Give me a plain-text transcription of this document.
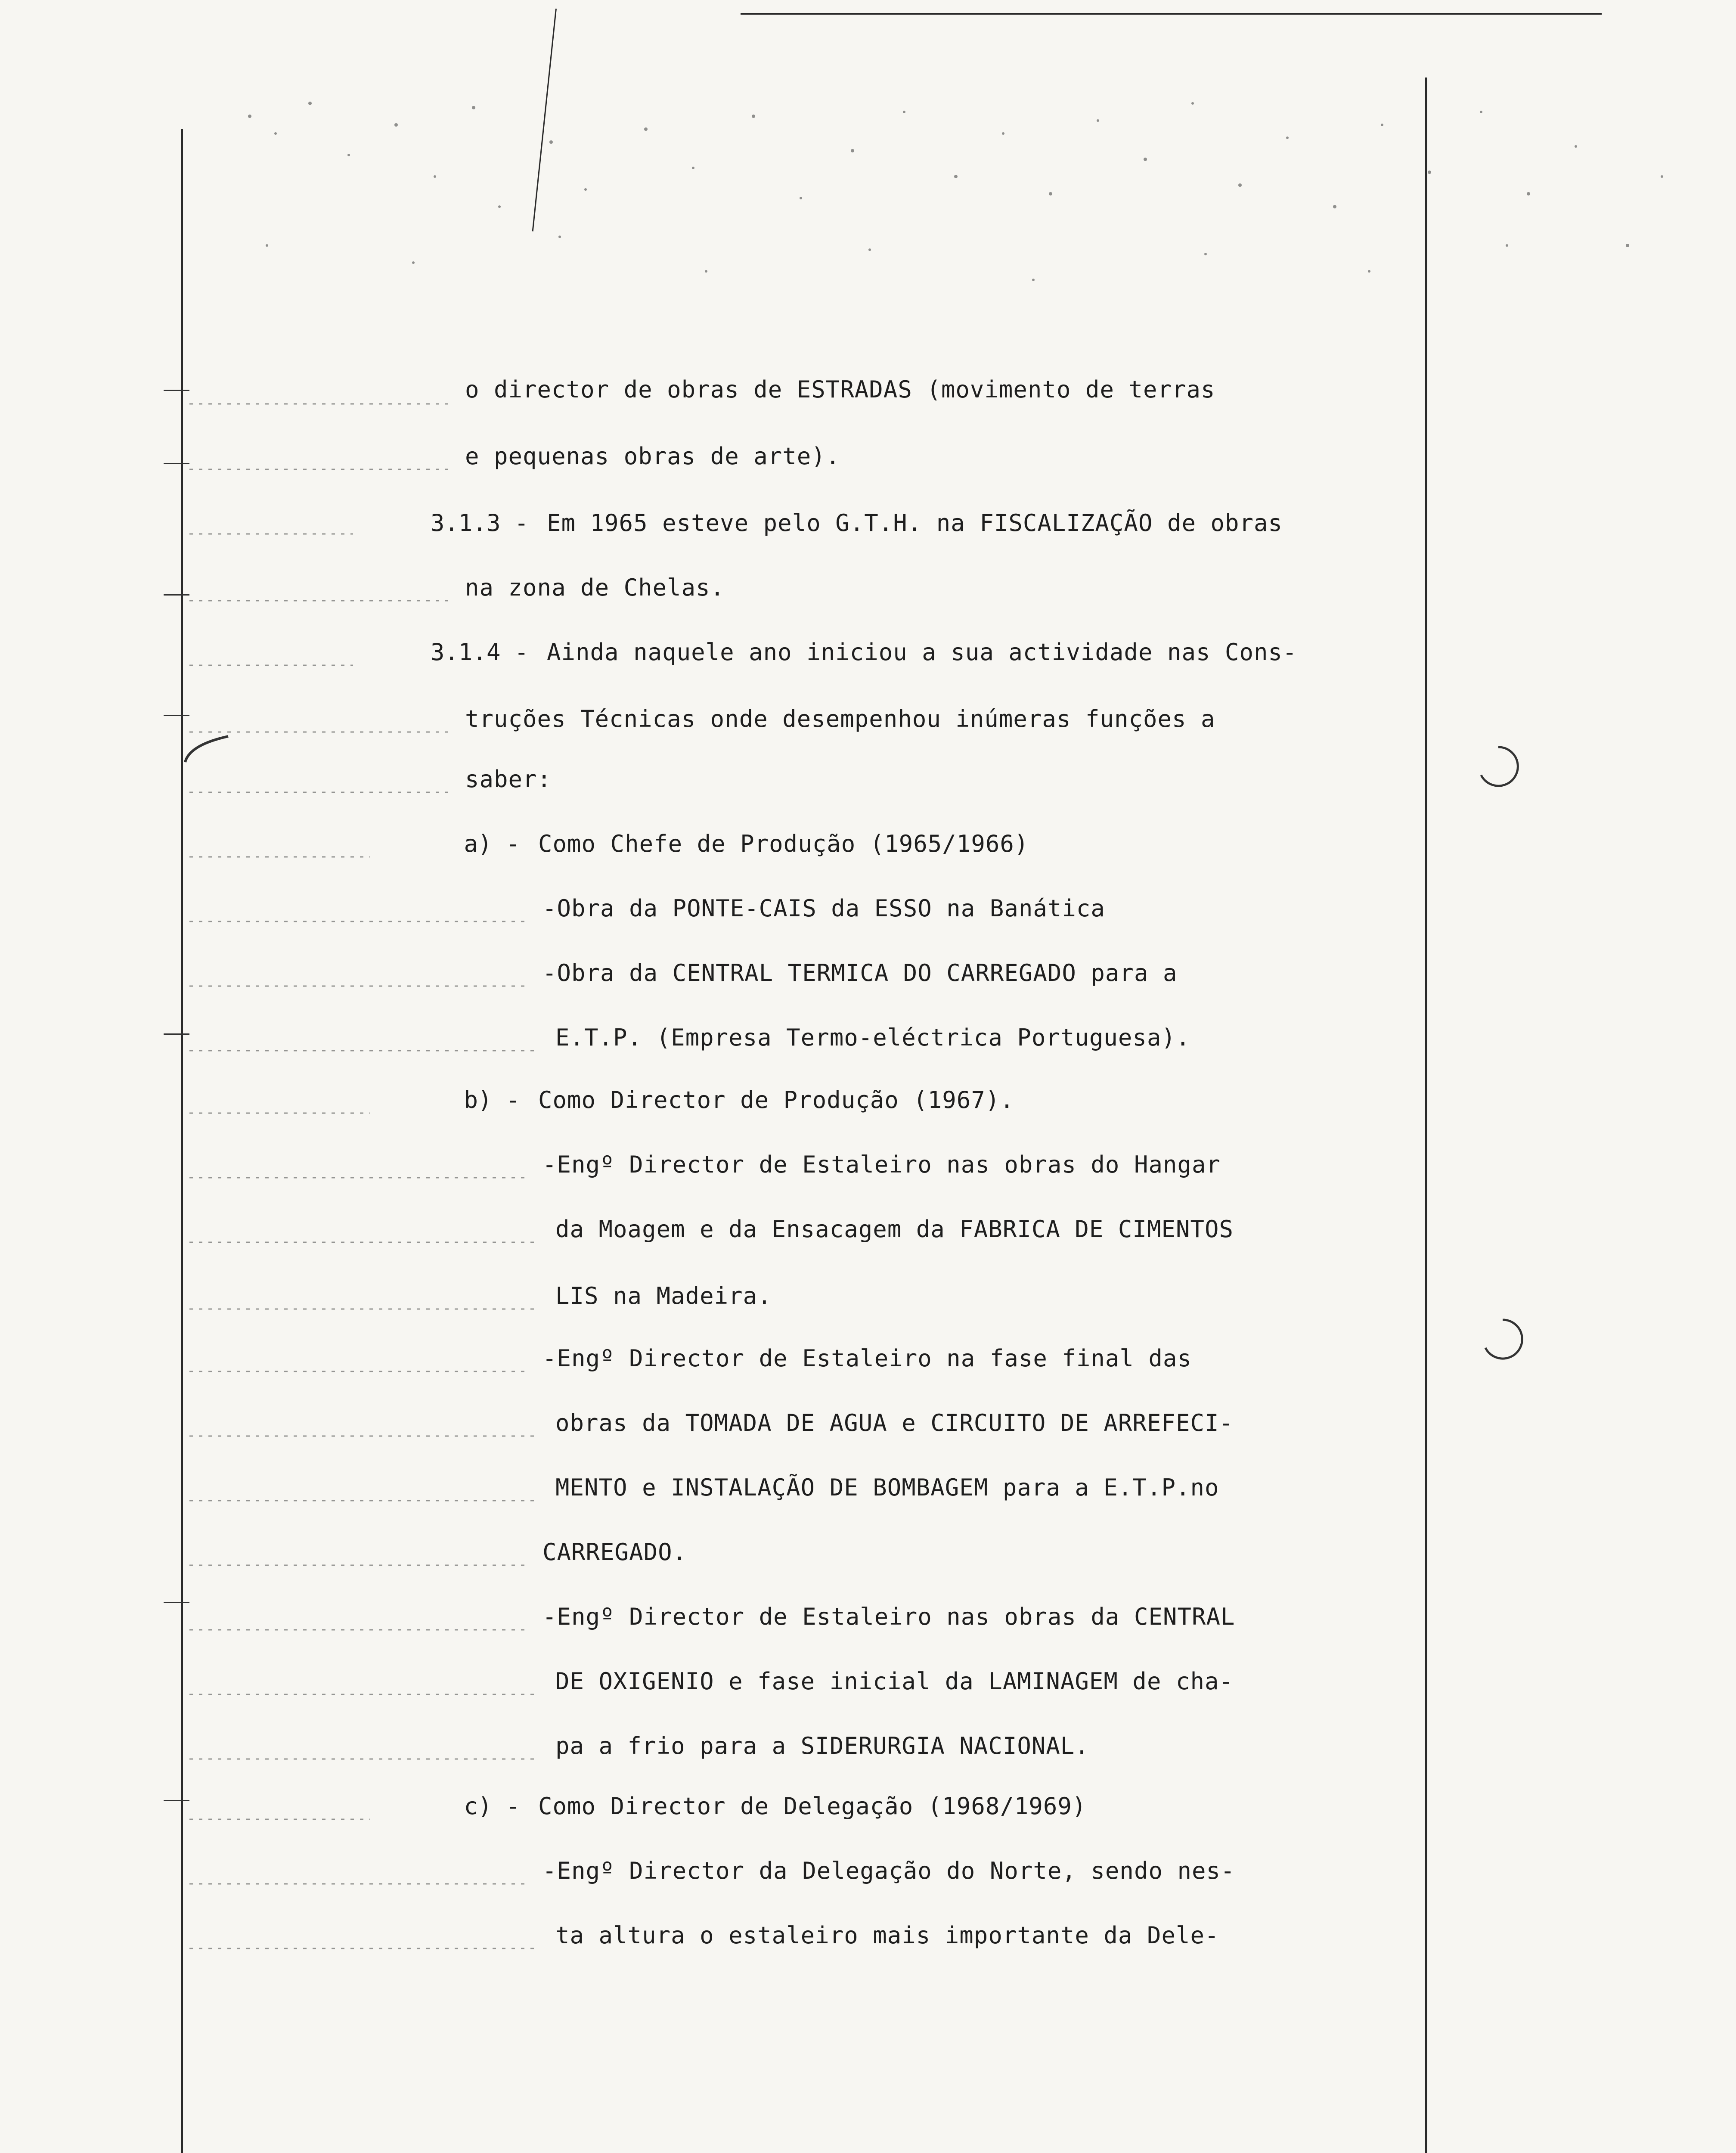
o director de obras de ESTRADAS (movimento de terras
e pequenas obras de arte).
3.1.3 - Em 1965 esteve pelo G.T.H. na FISCALIZAÇÃO de obras
na zona de Chelas.
3.1.4 - Ainda naquele ano iniciou a sua actividade nas Cons-
truções Técnicas onde desempenhou inúmeras funções a
saber:
a) - Como Chefe de Produção (1965/1966)
-Obra da PONTE-CAIS da ESSO na Banática
-Obra da CENTRAL TERMICA DO CARREGADO para a
E.T.P. (Empresa Termo-eléctrica Portuguesa).
b) - Como Director de Produção (1967).
-Engº Director de Estaleiro nas obras do Hangar
da Moagem e da Ensacagem da FABRICA DE CIMENTOS
LIS na Madeira.
-Engº Director de Estaleiro na fase final das
obras da TOMADA DE AGUA e CIRCUITO DE ARREFECI-
MENTO e INSTALAÇÃO DE BOMBAGEM para a E.T.P.no
CARREGADO.
-Engº Director de Estaleiro nas obras da CENTRAL
DE OXIGENIO e fase inicial da LAMINAGEM de cha-
pa a frio para a SIDERURGIA NACIONAL.
c) - Como Director de Delegação (1968/1969)
-Engº Director da Delegação do Norte, sendo nes-
ta altura o estaleiro mais importante da Dele-
